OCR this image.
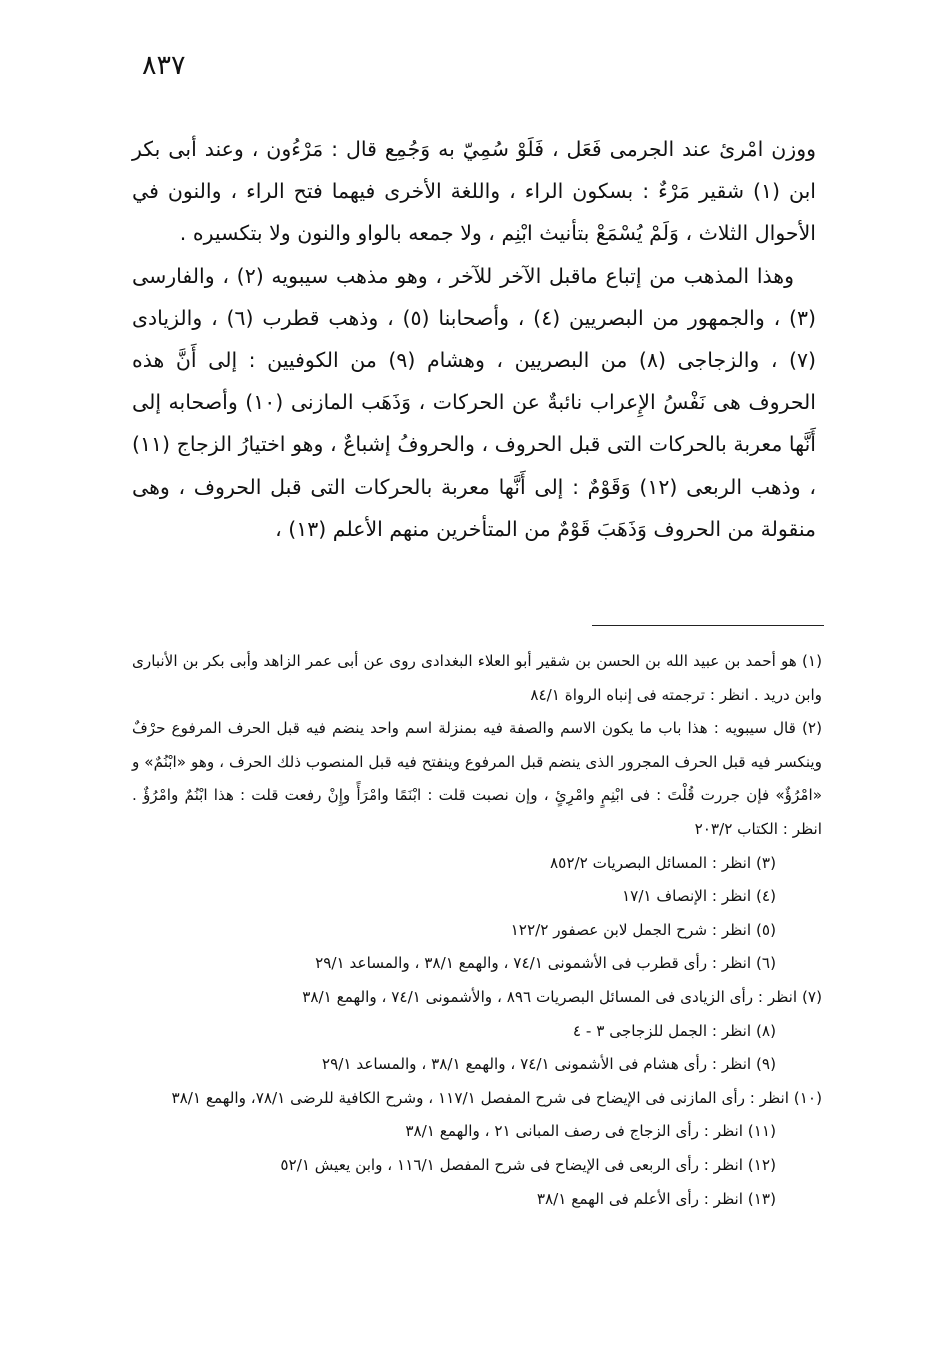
٨٣٧

ووزن امْرئ عند الجرمى فَعَل ، فَلَوْ سُمِيّ به وَجُمِع قال : مَرْءُون ، وعند أبى بكر ابن (١) شقير مَرْءٌ : بسكون الراء ، واللغة الأخرى فيهما فتح الراء ، والنون في الأحوال الثلاث ، وَلَمْ يُسْمَعْ بتأنيث ابْنِم ، ولا جمعه بالواو والنون ولا بتكسيره .

وهذا المذهب من إتباع ماقبل الآخر للآخر ، وهو مذهب سيبويه (٢) ، والفارسى (٣) ، والجمهور من البصريين (٤) ، وأصحابنا (٥) ، وذهب قطرب (٦) ، والزيادى (٧) ، والزجاجى (٨) من البصريين ، وهشام (٩) من الكوفيين : إلى أَنَّ هذه الحروف هى نَفْسُ الإِعراب نائبةٌ عن الحركات ، وَذَهَب المازنى (١٠) وأصحابه إلى أَنَّها معربة بالحركات التى قبل الحروف ، والحروفُ إشباعٌ ، وهو اختيارُ الزجاج (١١) ، وذهب الربعى (١٢) وَقَوْمٌ : إلى أَنَّها معربة بالحركات التى قبل الحروف ، وهى منقولة من الحروف وَذَهَبَ قَوْمٌ من المتأخرين منهم الأعلم (١٣) ،

(١) هو أحمد بن عبيد الله بن الحسن بن شقير أبو العلاء البغدادى روى عن أبى عمر الزاهد وأبى بكر بن الأنبارى وابن دريد . انظر : ترجمته فى إنباه الرواة ٨٤/١

(٢) قال سيبويه : هذا باب ما يكون الاسم والصفة فيه بمنزلة اسم واحد ينضم فيه قبل الحرف المرفوع حرْفٌ وينكسر فيه قبل الحرف المجرور الذى ينضم قبل المرفوع وينفتح فيه قبل المنصوب ذلك الحرف ، وهو «ابْنُمٌ» و «امْرُؤٌ» فإن جررت قُلْتَ : فى ابْنِمٍ وامْرِئٍ ، وإن نصبت قلت : ابْنَمًا وامْرَأً وإِنْ رفعت قلت : هذا ابْنُمٌ وامْرُؤٌ . انظر : الكتاب ٢٠٣/٢

(٣) انظر : المسائل البصريات ٨٥٢/٢

(٤) انظر : الإنصاف ١٧/١

(٥) انظر : شرح الجمل لابن عصفور ١٢٢/٢

(٦) انظر : رأى قطرب فى الأشمونى ٧٤/١ ، والهمع ٣٨/١ ، والمساعد ٢٩/١

(٧) انظر : رأى الزيادى فى المسائل البصريات ٨٩٦ ، والأشمونى ٧٤/١ ، والهمع ٣٨/١

(٨) انظر : الجمل للزجاجى ٣ - ٤

(٩) انظر : رأى هشام فى الأشمونى ٧٤/١ ، والهمع ٣٨/١ ، والمساعد ٢٩/١

(١٠) انظر : رأى المازنى فى الإيضاح فى شرح المفصل ١١٧/١ ، وشرح الكافية للرضى ٧٨/١، والهمع ٣٨/١

(١١) انظر : رأى الزجاج فى رصف المبانى ٢١ ، والهمع ٣٨/١

(١٢) انظر : رأى الربعى فى الإيضاح فى شرح المفصل ١١٦/١ ، وابن يعيش ٥٢/١

(١٣) انظر : رأى الأعلم فى الهمع ٣٨/١
